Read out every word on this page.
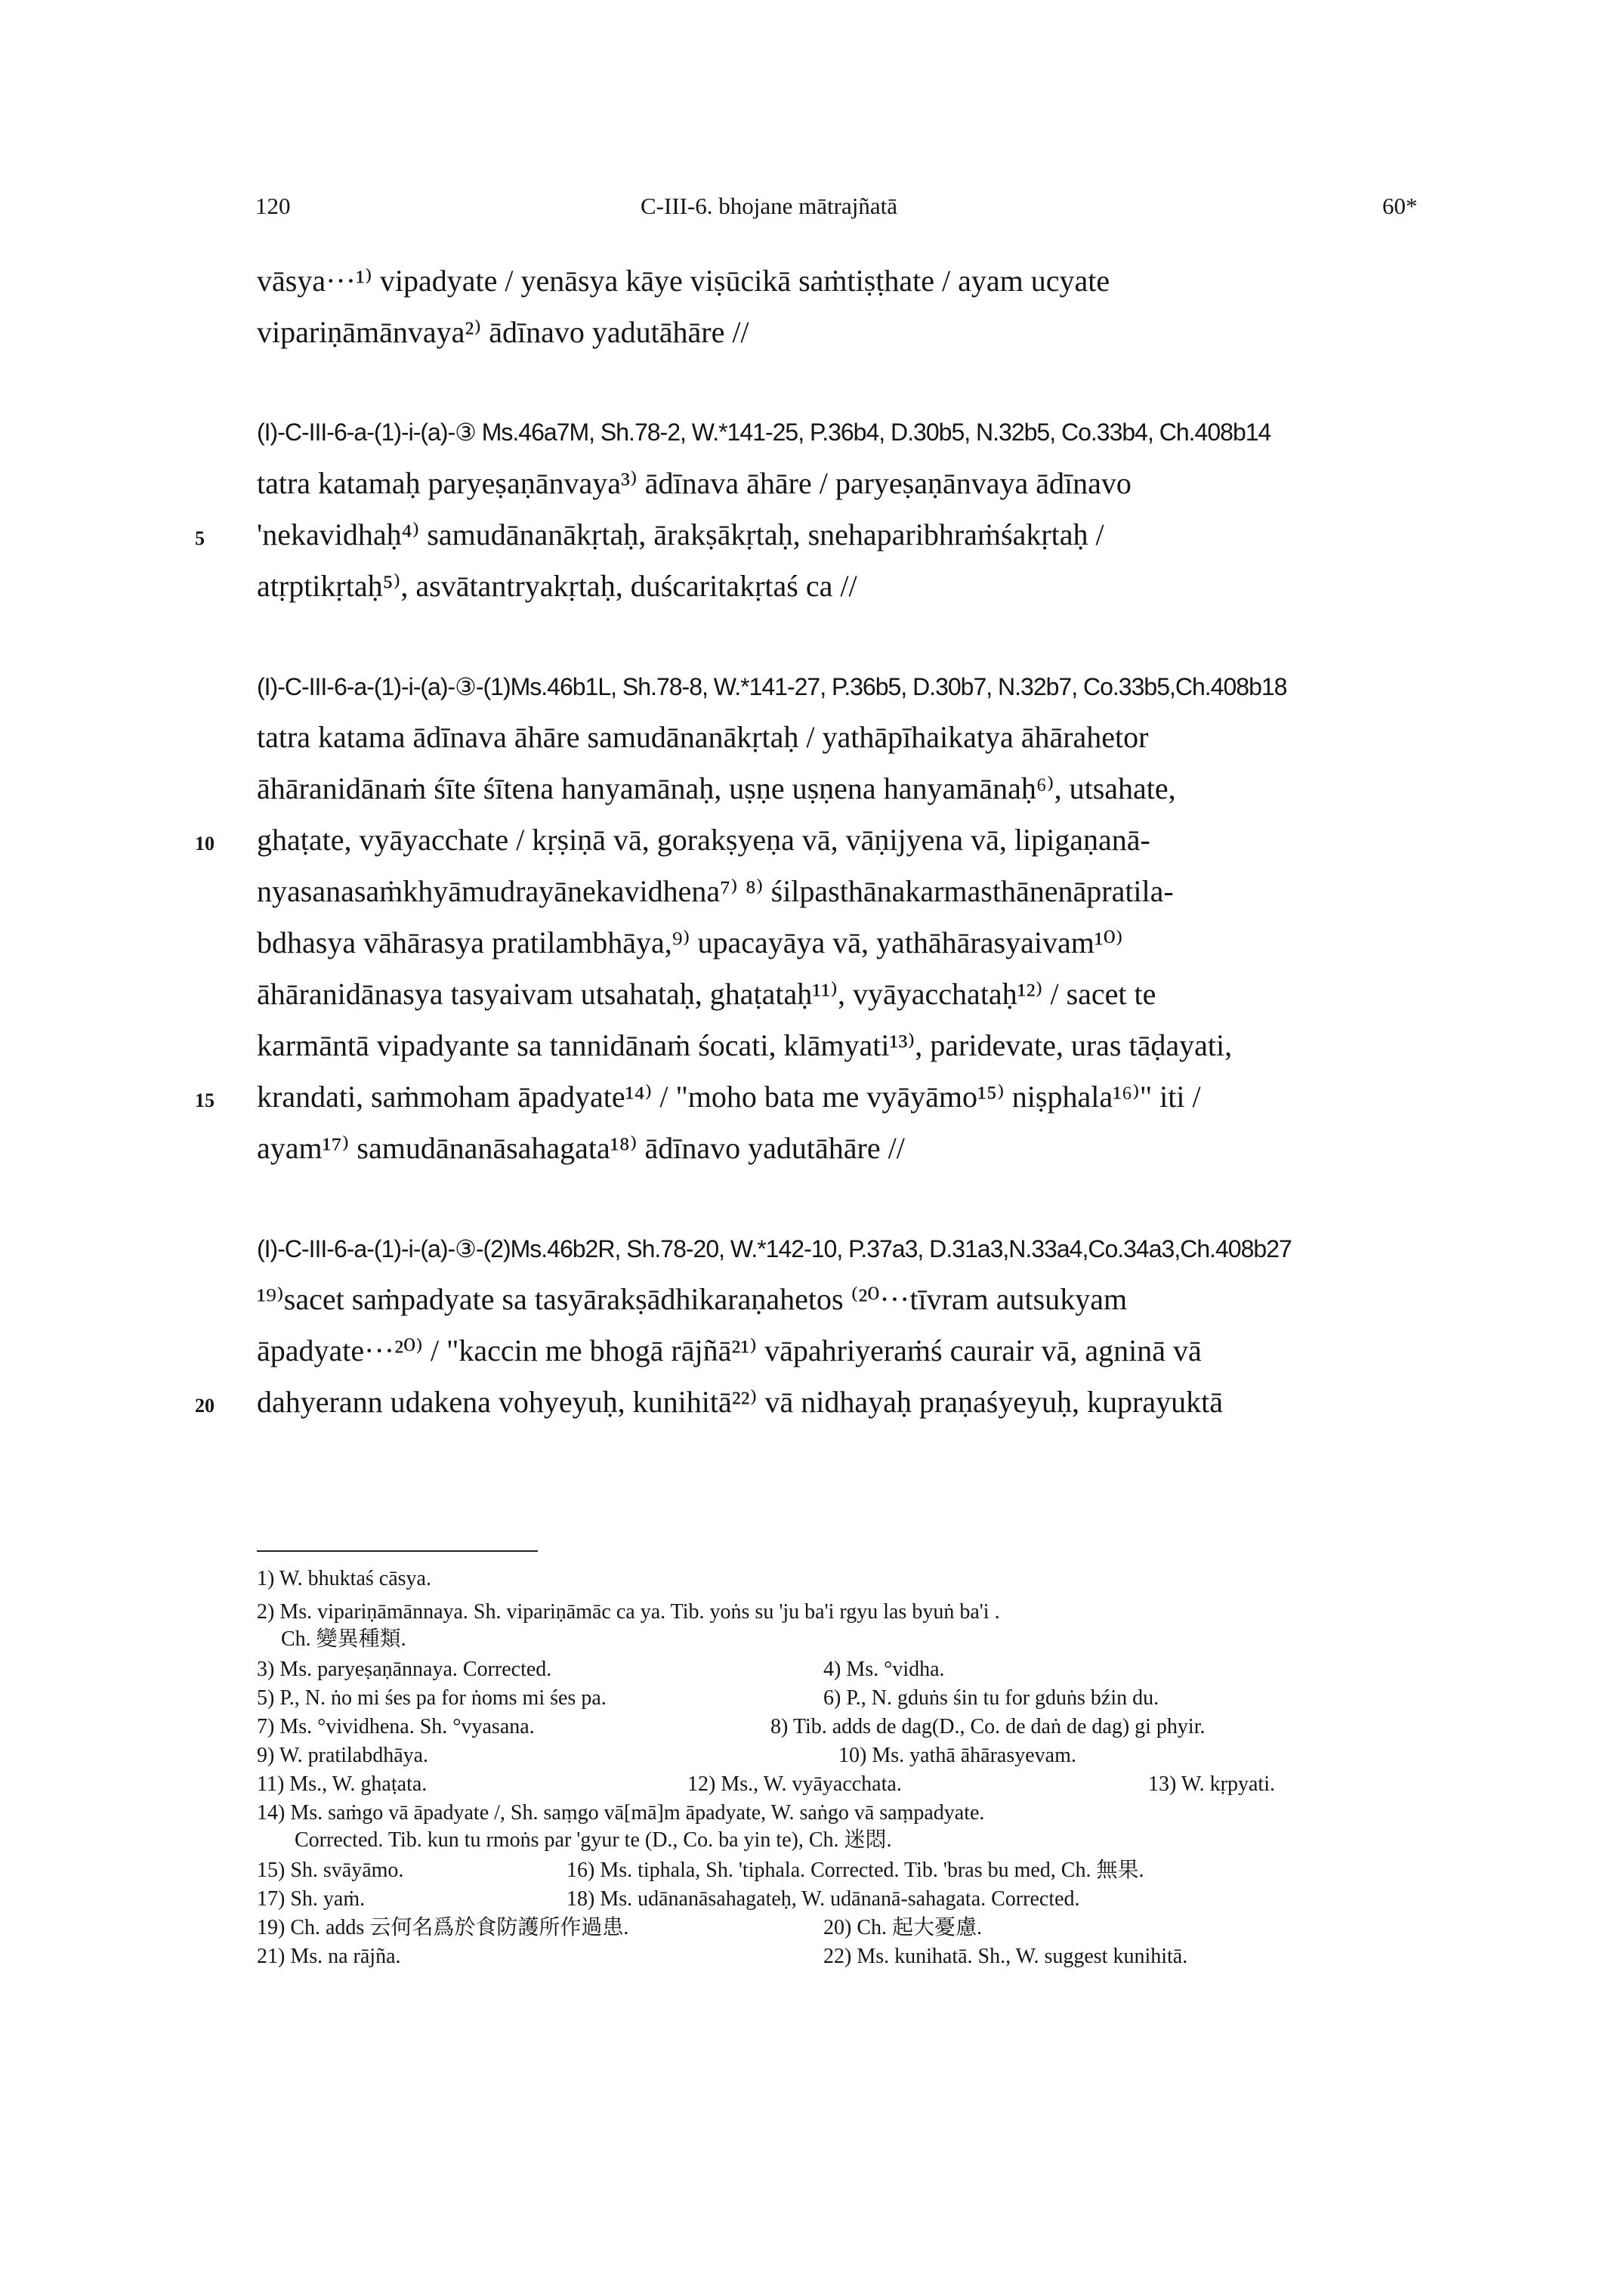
120	C-III-6. bhojane mātrajñatā	60*
vāsya···¹⁾ vipadyate / yenāsya kāye viṣūcikā saṁtiṣṭhate / ayam ucyate
vipariṇāmānvaya²⁾ ādīnavo yadutāhāre //
(I)-C-III-6-a-(1)-i-(a)-③ Ms.46a7M, Sh.78-2, W.*141-25, P.36b4, D.30b5, N.32b5, Co.33b4, Ch.408b14
tatra katamaḥ paryeṣaṇānvaya³⁾ ādīnava āhāre / paryeṣaṇānvaya ādīnavo
'nekavidhaḥ⁴⁾ samudānanākṛtaḥ, ārakṣākṛtaḥ, snehaparibhraṁśakṛtaḥ /
atṛptikṛtaḥ⁵⁾, asvātantryakṛtaḥ, duścaritakṛtaś ca //
(I)-C-III-6-a-(1)-i-(a)-③-(1)Ms.46b1L, Sh.78-8, W.*141-27, P.36b5, D.30b7, N.32b7, Co.33b5,Ch.408b18
tatra katama ādīnava āhāre samudānanākṛtaḥ / yathāpīhaikatya āhārahetor
āhāranidānaṁ śīte śītena hanyamānaḥ, uṣṇe uṣṇena hanyamānaḥ⁶⁾, utsahate,
ghaṭate, vyāyacchate / kṛṣiṇā vā, gorakṣyeṇa vā, vāṇijyena vā, lipigaṇanā-
nyasanasaṁkhyāmudrayānekavidhena⁷⁾ ⁸⁾ śilpasthānakarmasthānenāpratila-
bdhasya vāhārasya pratilambhāya,⁹⁾ upacayāya vā, yathāhārasyaivam¹⁰⁾
āhāranidānasya tasyaivam utsahataḥ, ghaṭataḥ¹¹⁾, vyāyacchataḥ¹²⁾ / sacet te
karmāntā vipadyante sa tannidānaṁ śocati, klāmyati¹³⁾, paridevate, uras tāḍayati,
krandati, saṁmoham āpadyate¹⁴⁾ / "moho bata me vyāyāmo¹⁵⁾ niṣphala¹⁶⁾" iti /
ayam¹⁷⁾ samudānanāsahagata¹⁸⁾ ādīnavo yadutāhāre //
(I)-C-III-6-a-(1)-i-(a)-③-(2)Ms.46b2R, Sh.78-20, W.*142-10, P.37a3, D.31a3,N.33a4,Co.34a3,Ch.408b27
¹⁹⁾sacet saṁpadyate sa tasyārakṣādhikaraṇahetos ⁽²⁰···tīvram autsukyam
āpadyate···²⁰⁾ / "kaccin me bhogā rājñā²¹⁾ vāpahriyeraṁś caurair vā, agninā vā
dahyerann udakena vohyeyuḥ, kunihitā²²⁾ vā nidhayaḥ praṇaśyeyuḥ, kuprayuktā
5
10
15
20
1) W. bhuktaś cāsya.
2) Ms. vipariṇāmānnaya. Sh. vipariṇāmāc ca ya. Tib. yoṅs su 'ju ba'i rgyu las byuṅ ba'i .
Ch. 變異種類.
3) Ms. paryeṣaṇānnaya. Corrected.	4) Ms. °vidha.
5) P., N. ṅo mi śes pa for ṅoms mi śes pa.	6) P., N. gduṅs śin tu for gduṅs bźin du.
7) Ms. °vividhena. Sh. °vyasana.	8) Tib. adds de dag(D., Co. de daṅ de dag) gi phyir.
9) W. pratilabdhāya.	10) Ms. yathā āhārasyevam.
11) Ms., W. ghaṭata.	12) Ms., W. vyāyacchata.	13) W. kṛpyati.
14) Ms. saṁgo vā āpadyate /, Sh. saṃgo vā[mā]m āpadyate, W. saṅgo vā saṃpadyate.
Corrected. Tib. kun tu rmoṅs par 'gyur te (D., Co. ba yin te), Ch. 迷悶.
15) Sh. svāyāmo.	16) Ms. tiphala, Sh. 'tiphala. Corrected. Tib. 'bras bu med, Ch. 無果.
17) Sh. yaṁ.	18) Ms. udānanāsahagateḥ, W. udānanā-sahagata. Corrected.
19) Ch. adds 云何名爲於食防護所作過患.	20) Ch. 起大憂慮.
21) Ms. na rājña.	22) Ms. kunihatā. Sh., W. suggest kunihitā.
